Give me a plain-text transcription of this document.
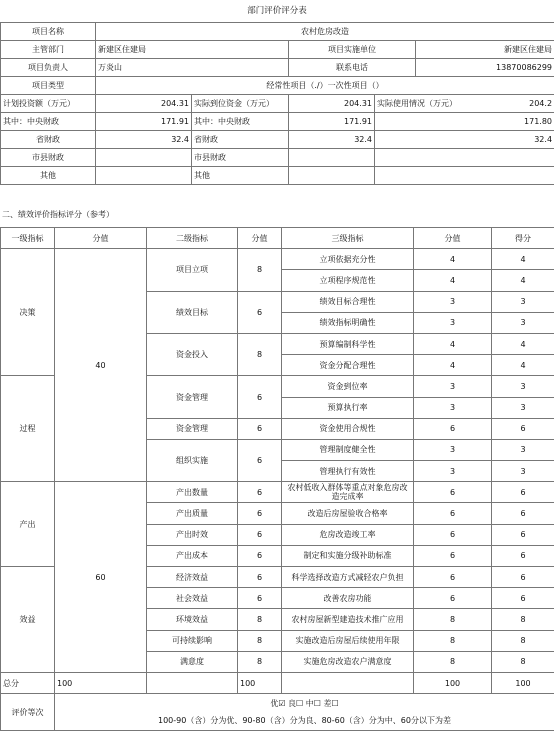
部门评价评分表
项目名称	农村危房改造				
主管部门	新建区住建局		项目实施单位		新建区住建局
项目负责人	万炎山		联系电话		13870086299
项目类型	经常性项目（./）一次性项目（）				
计划投资额（万元）	204.31	实际到位资金（万元）	204.31	实际使用情况（万元） 204.2	

其中：中央财政	171.91	其中：中央财政	171.91	171.80	
省财政	32.4	省财政	32.4	32.4	
市县财政		市县财政			
其他		其他			
二、绩效评价指标评分（参考）
一级指标	分值	二级指标	分值	三级指标	分值	得分
决策	40	项目立项	8	立项依据充分性	4	4
				立项程序规范性	4	4
		绩效目标	6	绩效目标合理性	3	3
				绩效指标明确性	3	3
		资金投入	8	预算编制科学性	4	4
				资金分配合理性	4	4
过程		资金管理	6	资金到位率	3	3
				预算执行率	3	3
		资金管理	6	资金使用合规性	6	6
		组织实施	6	管理制度健全性	3	3
				管理执行有效性	3	3
产出	60	产出数量	6	农村低收入群体等重点对象危房改造完成率	6	6
		产出质量	6	改造后房屋验收合格率	6	6
		产出时效	6	危房改造竣工率	6	6
		产出成本	6	制定和实施分级补助标准	6	6
效益		经济效益	6	科学选择改造方式减轻农户负担	6	6
		社会效益	6	改善农房功能	6	6
		环境效益	8	农村房屋新型建造技术推广应用	8	8
		可持续影响	8	实施改造后房屋后续使用年限	8	8
		满意度	8	实施危房改造农户满意度	8	8
总分	100		100		100	100
评价等次	优☑ 良☐ 中☐ 差☐
100-90（含）分为优、90-80（含）分为良、80-60（含）分为中、60分以下为差					
